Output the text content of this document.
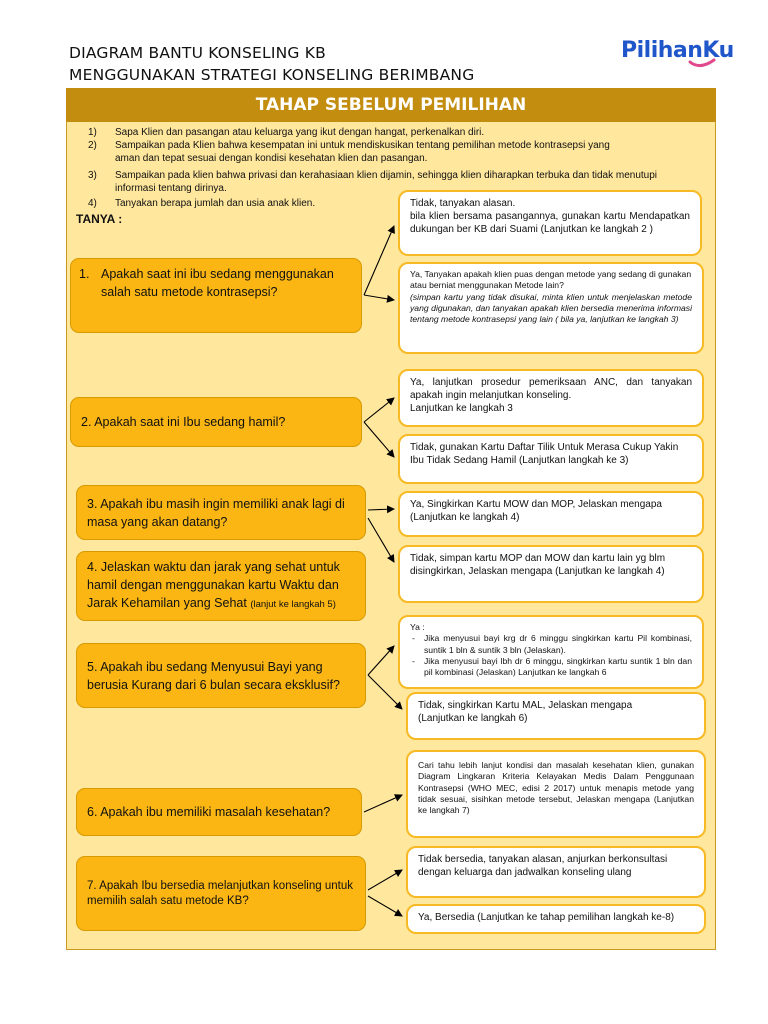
DIAGRAM BANTU KONSELING KB
MENGGUNAKAN STRATEGI KONSELING BERIMBANG
PilihanKu
TAHAP SEBELUM PEMILIHAN
1)	Sapa Klien dan pasangan atau keluarga yang ikut dengan hangat, perkenalkan diri.
2)	Sampaikan pada Klien bahwa kesempatan ini untuk mendiskusikan tentang pemilihan metode kontrasepsi yang aman dan tepat sesuai dengan kondisi kesehatan klien dan pasangan.
3)	Sampaikan pada klien bahwa privasi dan kerahasiaan klien dijamin, sehingga klien diharapkan terbuka dan tidak menutupi informasi tentang dirinya.
4)	Tanyakan berapa jumlah dan usia anak klien.
TANYA :
1. Apakah saat ini ibu sedang menggunakan salah satu metode kontrasepsi?
2. Apakah saat ini Ibu sedang hamil?
3. Apakah ibu masih ingin memiliki anak lagi di masa yang akan datang?
4. Jelaskan waktu dan jarak yang sehat untuk hamil dengan menggunakan kartu Waktu dan Jarak Kehamilan yang Sehat (lanjut ke langkah 5)
5. Apakah ibu sedang Menyusui Bayi yang berusia Kurang dari 6 bulan secara eksklusif?
6. Apakah ibu memiliki masalah kesehatan?
7. Apakah Ibu bersedia melanjutkan konseling untuk memilih salah satu metode KB?
Tidak, tanyakan alasan.
bila klien bersama pasangannya, gunakan kartu Mendapatkan dukungan ber KB dari Suami (Lanjutkan ke langkah 2 )
Ya, Tanyakan apakah klien puas dengan metode yang sedang di gunakan atau berniat menggunakan Metode lain?
(simpan kartu yang tidak disukai, minta klien untuk menjelaskan metode yang digunakan, dan tanyakan apakah klien bersedia menerima informasi tentang metode kontrasepsi yang lain ( bila ya, lanjutkan ke langkah 3)
Ya, lanjutkan prosedur pemeriksaan ANC, dan tanyakan apakah ingin melanjutkan konseling.
Lanjutkan ke langkah 3
Tidak, gunakan Kartu Daftar Tilik Untuk Merasa Cukup Yakin Ibu Tidak Sedang Hamil (Lanjutkan langkah ke 3)
Ya, Singkirkan Kartu MOW dan MOP, Jelaskan mengapa
(Lanjutkan ke langkah 4)
Tidak, simpan kartu MOP dan MOW dan kartu lain yg blm disingkirkan, Jelaskan mengapa (Lanjutkan ke langkah 4)
Ya :
- Jika menyusui bayi krg dr 6 minggu singkirkan kartu Pil kombinasi, suntik 1 bln & suntik 3 bln (Jelaskan).
- Jika menyusui bayi lbh dr 6 minggu, singkirkan kartu suntik 1 bln dan pil kombinasi (Jelaskan) Lanjutkan ke langkah 6
Tidak, singkirkan Kartu MAL, Jelaskan mengapa
(Lanjutkan ke langkah 6)
Cari tahu lebih lanjut kondisi dan masalah kesehatan klien, gunakan Diagram Lingkaran Kriteria Kelayakan Medis Dalam Penggunaan Kontrasepsi (WHO MEC, edisi 2 2017) untuk menapis metode yang tidak sesuai, sisihkan metode tersebut, Jelaskan mengapa (Lanjutkan ke langkah 7)
Tidak bersedia, tanyakan alasan, anjurkan berkonsultasi dengan keluarga dan jadwalkan konseling ulang
Ya, Bersedia (Lanjutkan ke tahap pemilihan langkah ke-8)
